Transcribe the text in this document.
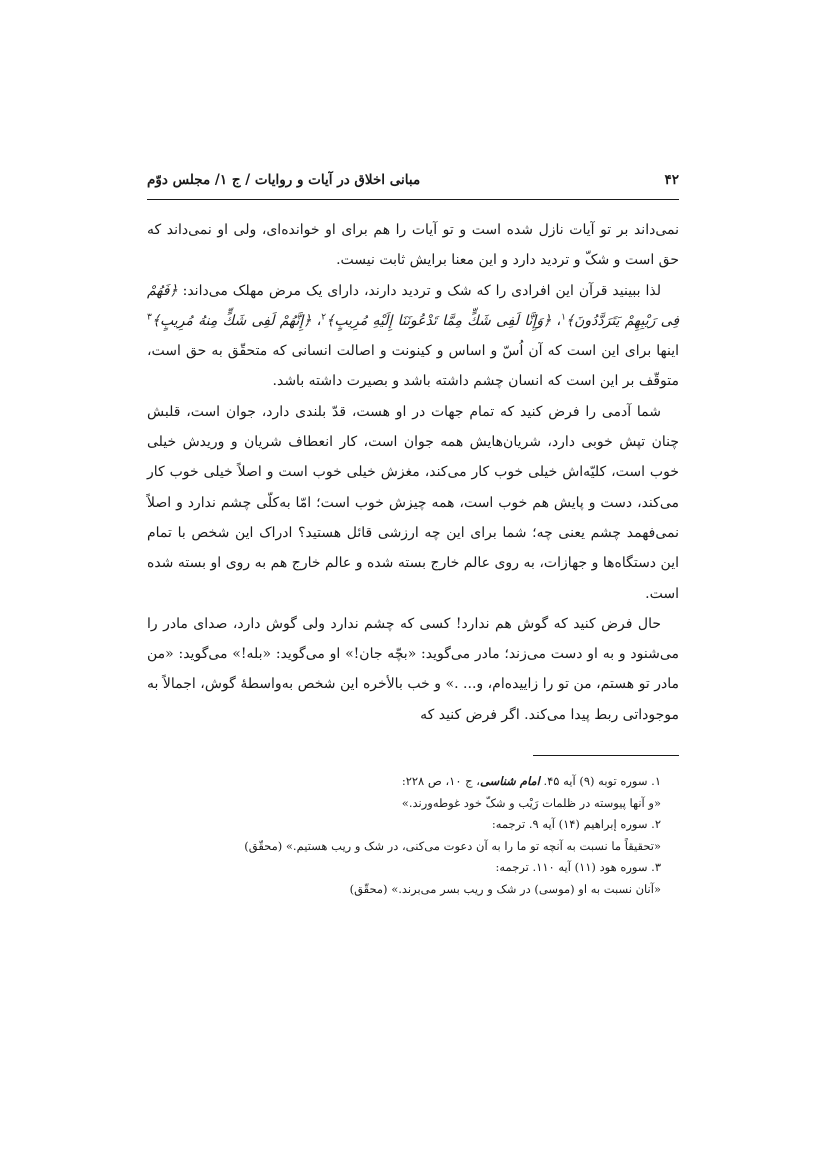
۴۲
مبانی اخلاق در آیات و روایات / ج ۱/ مجلس دوّم

نمی‌داند بر تو آیات نازل شده است و تو آیات را هم برای او خوانده‌ای، ولی او نمی‌داند که حق است و شکّ و تردید دارد و این معنا برایش ثابت نیست.

لذا ببینید قرآن این افرادی را که شک و تردید دارند، دارای یک مرض مهلک می‌داند: ﴿فَهُمْ فِی رَیْبِهِمْ یَتَرَدَّدُونَ﴾$^۱$، ﴿وَإِنَّا لَفِی شَكٍّ مِمَّا تَدْعُونَنَا إِلَیْهِ مُرِیبٍ﴾$^۲$، ﴿إِنَّهُمْ لَفِی شَكٍّ مِنهُ مُرِیبٍ﴾$^۳$ اینها برای این است که آن اُسّ و اساس و کینونت و اصالت انسانی که متحقّق به حق است، متوقّف بر این است که انسان چشم داشته باشد و بصیرت داشته باشد.

شما آدمی را فرض کنید که تمام جهات در او هست، قدّ بلندی دارد، جوان است، قلبش چنان تپش خوبی دارد، شریان‌هایش همه جوان است، کار انعطاف شریان و وریدش خیلی خوب است، کلیّه‌اش خیلی خوب کار می‌کند، مغزش خیلی خوب است و اصلاً خیلی خوب کار می‌کند، دست و پایش هم خوب است، همه چیزش خوب است؛ امّا به‌کلّی چشم ندارد و اصلاً نمی‌فهمد چشم یعنی چه؛ شما برای این چه ارزشی قائل هستید؟ ادراک این شخص با تمام این دستگاه‌ها و جهازات، به روی عالم خارج بسته شده و عالم خارج هم به روی او بسته شده است.

حال فرض کنید که گوش هم ندارد! کسی که چشم ندارد ولی گوش دارد، صدای مادر را می‌شنود و به او دست می‌زند؛ مادر می‌گوید: «بچّه جان!» او می‌گوید: «بله!» می‌گوید: «من مادر تو هستم، من تو را زاییده‌ام، و... .» و خب بالأخره این شخص به‌واسطهٔ گوش، اجمالاً به موجوداتی ربط پیدا می‌کند. اگر فرض کنید که

۱. سوره توبه (۹) آیه ۴۵. امام شناسی، ج ۱۰، ص ۲۲۸:
«و آنها پیوسته در ظلمات رَیْب و شکّ خود غوطه‌ورند.»
۲. سوره إبراهیم (۱۴) آیه ۹. ترجمه:
«تحقیقاً ما نسبت به آنچه تو ما را به آن دعوت می‌کنی، در شک و ریب هستیم.» (محقّق)
۳. سوره هود (۱۱) آیه ۱۱۰. ترجمه:
«آنان نسبت به او (موسی) در شک و ریب بسر می‌برند.» (محقّق)
